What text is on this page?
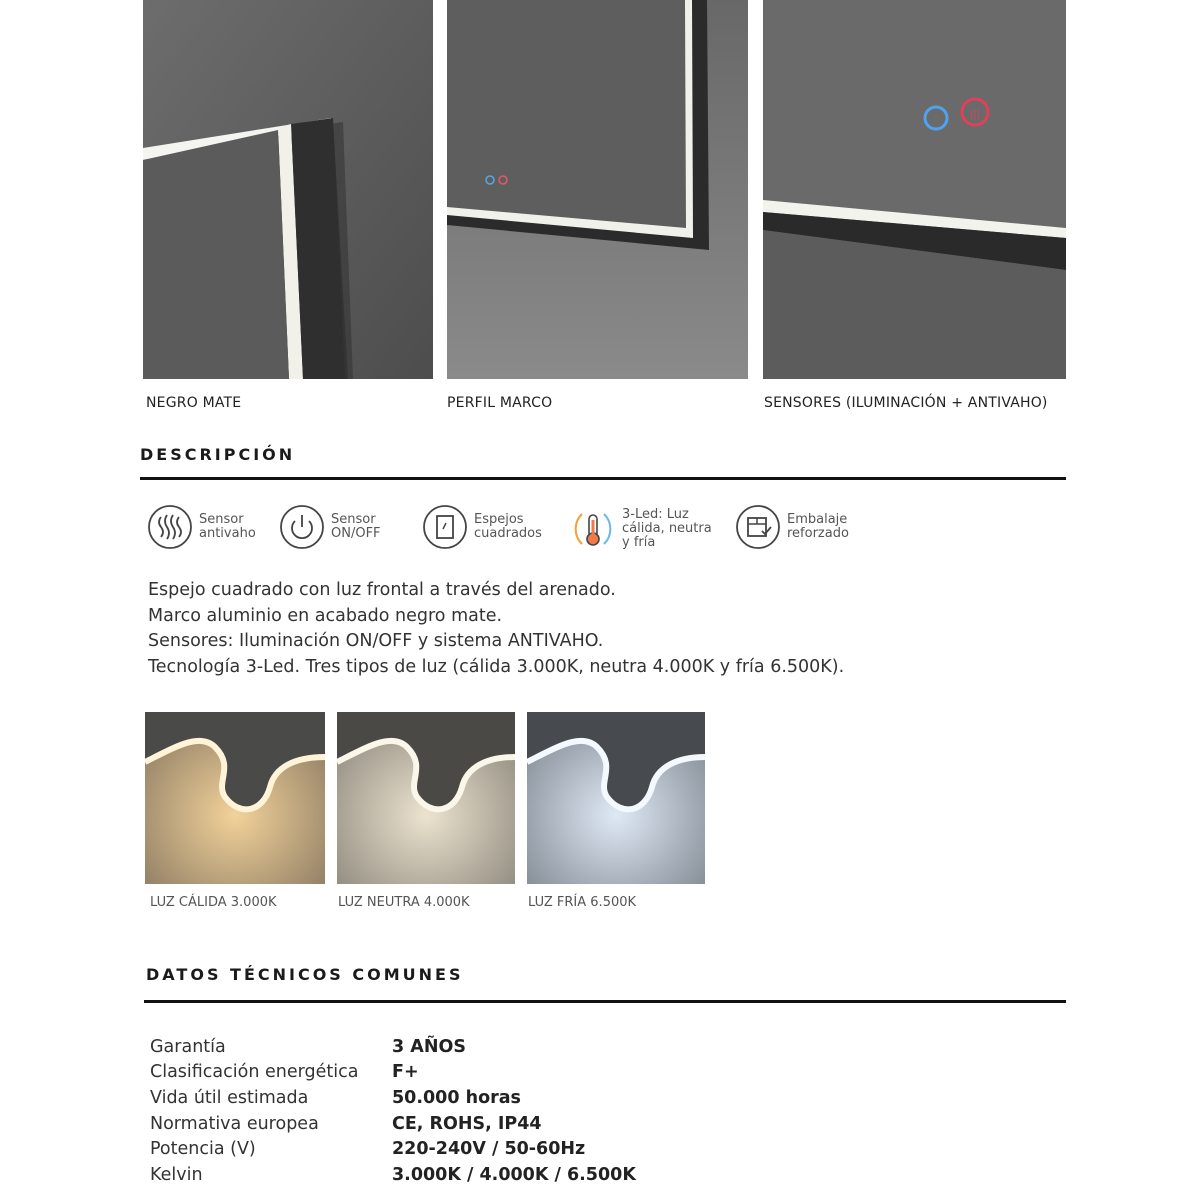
NEGRO MATE	PERFIL MARCO
|||
SENSORES (ILUMINACIÓN + ANTIVAHO)
DESCRIPCIÓN
Sensor
antivaho
Sensor
ON/OFF
Espejos
cuadrados
3-Led: Luz
cálida, neutra
y fría
Embalaje
reforzado
Espejo cuadrado con luz frontal a través del arenado.
Marco aluminio en acabado negro mate.
Sensores: Iluminación ON/OFF y sistema ANTIVAHO.
Tecnología 3-Led. Tres tipos de luz (cálida 3.000K, neutra 4.000K y fría 6.500K).
LUZ CÁLIDA 3.000K	LUZ NEUTRA 4.000K	LUZ FRÍA 6.500K
DATOS TÉCNICOS COMUNES
Garantía	3 AÑOS
Clasificación energética	F+
Vida útil estimada	50.000 horas
Normativa europea	CE, ROHS, IP44
Potencia (V)	220-240V / 50-60Hz
Kelvin	3.000K / 4.000K / 6.500K
